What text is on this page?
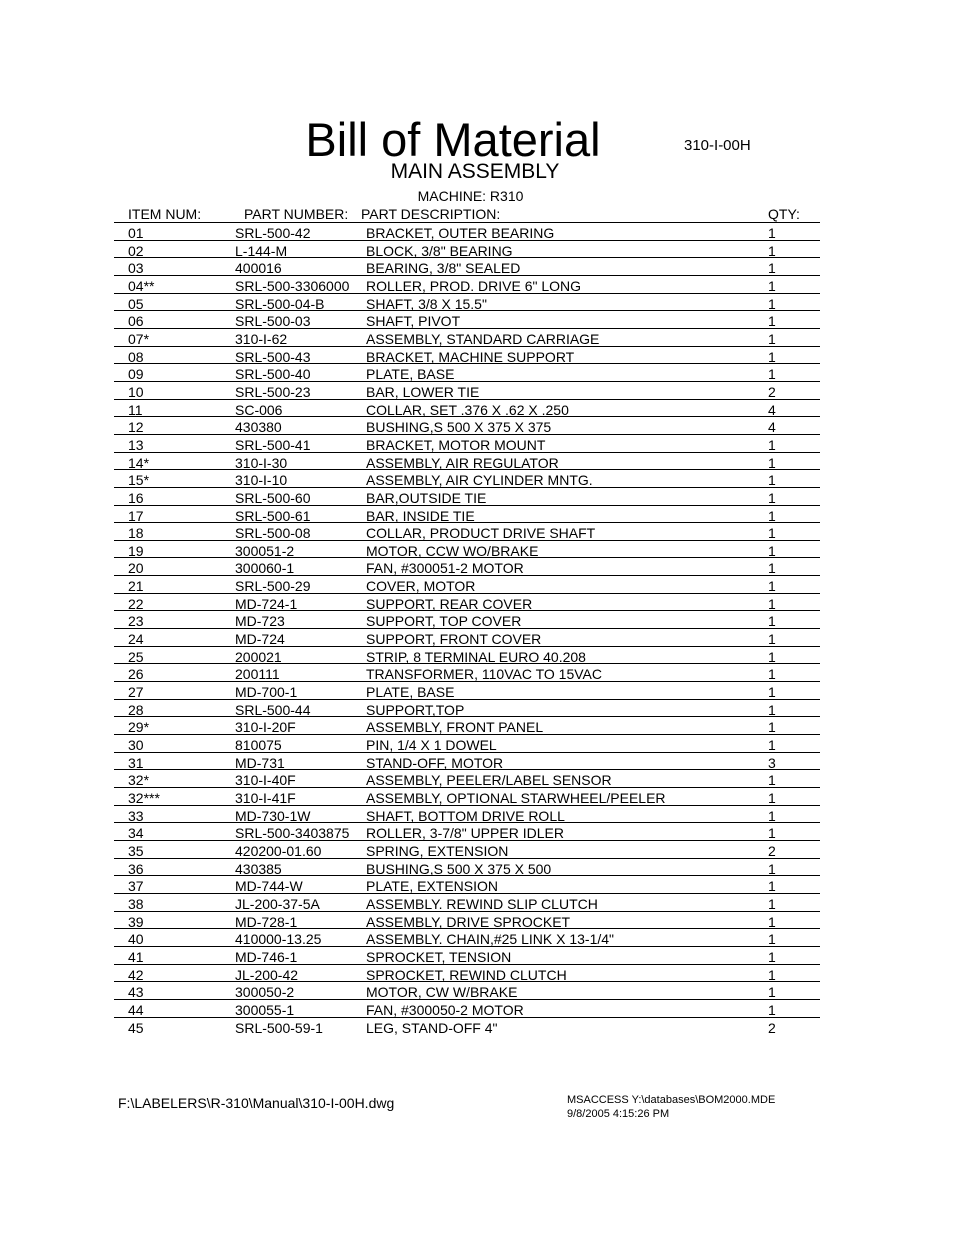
Bill of Material	310-I-00H
MAIN ASSEMBLY
MACHINE: R310
ITEM NUM:	PART NUMBER: PART DESCRIPTION:	QTY:
01	SRL-500-42	BRACKET, OUTER BEARING	1
02	L-144-M	BLOCK, 3/8" BEARING	1
03	400016	BEARING, 3/8" SEALED	1
04**	SRL-500-3306000 ROLLER, PROD. DRIVE 6" LONG	1
05	SRL-500-04-B	SHAFT, 3/8 X 15.5"	1
06	SRL-500-03	SHAFT, PIVOT	1
07*	310-I-62	ASSEMBLY, STANDARD CARRIAGE	1
08	SRL-500-43	BRACKET, MACHINE SUPPORT	1
09	SRL-500-40	PLATE, BASE	1
10	SRL-500-23	BAR, LOWER TIE	2
11	SC-006	COLLAR, SET .376 X .62 X .250	4
12	430380	BUSHING,S 500 X 375 X 375	4
13	SRL-500-41	BRACKET, MOTOR MOUNT	1
14*	310-I-30	ASSEMBLY, AIR REGULATOR	1
15*	310-I-10	ASSEMBLY, AIR CYLINDER MNTG.	1
16	SRL-500-60	BAR,OUTSIDE TIE	1
17	SRL-500-61	BAR, INSIDE TIE	1
18	SRL-500-08	COLLAR, PRODUCT DRIVE SHAFT	1
19	300051-2	MOTOR, CCW WO/BRAKE	1
20	300060-1	FAN, #300051-2 MOTOR	1
21	SRL-500-29	COVER, MOTOR	1
22	MD-724-1	SUPPORT, REAR COVER	1
23	MD-723	SUPPORT, TOP COVER	1
24	MD-724	SUPPORT, FRONT COVER	1
25	200021	STRIP, 8 TERMINAL EURO 40.208	1
26	200111	TRANSFORMER, 110VAC TO 15VAC	1
27	MD-700-1	PLATE, BASE	1
28	SRL-500-44	SUPPORT,TOP	1
29*	310-I-20F	ASSEMBLY, FRONT PANEL	1
30	810075	PIN, 1/4 X 1 DOWEL	1
31	MD-731	STAND-OFF, MOTOR	3
32*	310-I-40F	ASSEMBLY, PEELER/LABEL SENSOR	1
32***	310-I-41F	ASSEMBLY, OPTIONAL STARWHEEL/PEELER	1
33	MD-730-1W	SHAFT, BOTTOM DRIVE ROLL	1
34	SRL-500-3403875 ROLLER, 3-7/8" UPPER IDLER	1
35	420200-01.60	SPRING, EXTENSION	2
36	430385	BUSHING,S 500 X 375 X 500	1
37	MD-744-W	PLATE, EXTENSION	1
38	JL-200-37-5A	ASSEMBLY. REWIND SLIP CLUTCH	1
39	MD-728-1	ASSEMBLY, DRIVE SPROCKET	1
40	410000-13.25	ASSEMBLY. CHAIN,#25 LINK X 13-1/4"	1
41	MD-746-1	SPROCKET, TENSION	1
42	JL-200-42	SPROCKET, REWIND CLUTCH	1
43	300050-2	MOTOR, CW W/BRAKE	1
44	300055-1	FAN, #300050-2 MOTOR	1
45	SRL-500-59-1	LEG, STAND-OFF 4"	2
F:\LABELERS\R-310\Manual\310-I-00H.dwg	MSACCESS Y:\databases\BOM2000.MDE
9/8/2005 4:15:26 PM
